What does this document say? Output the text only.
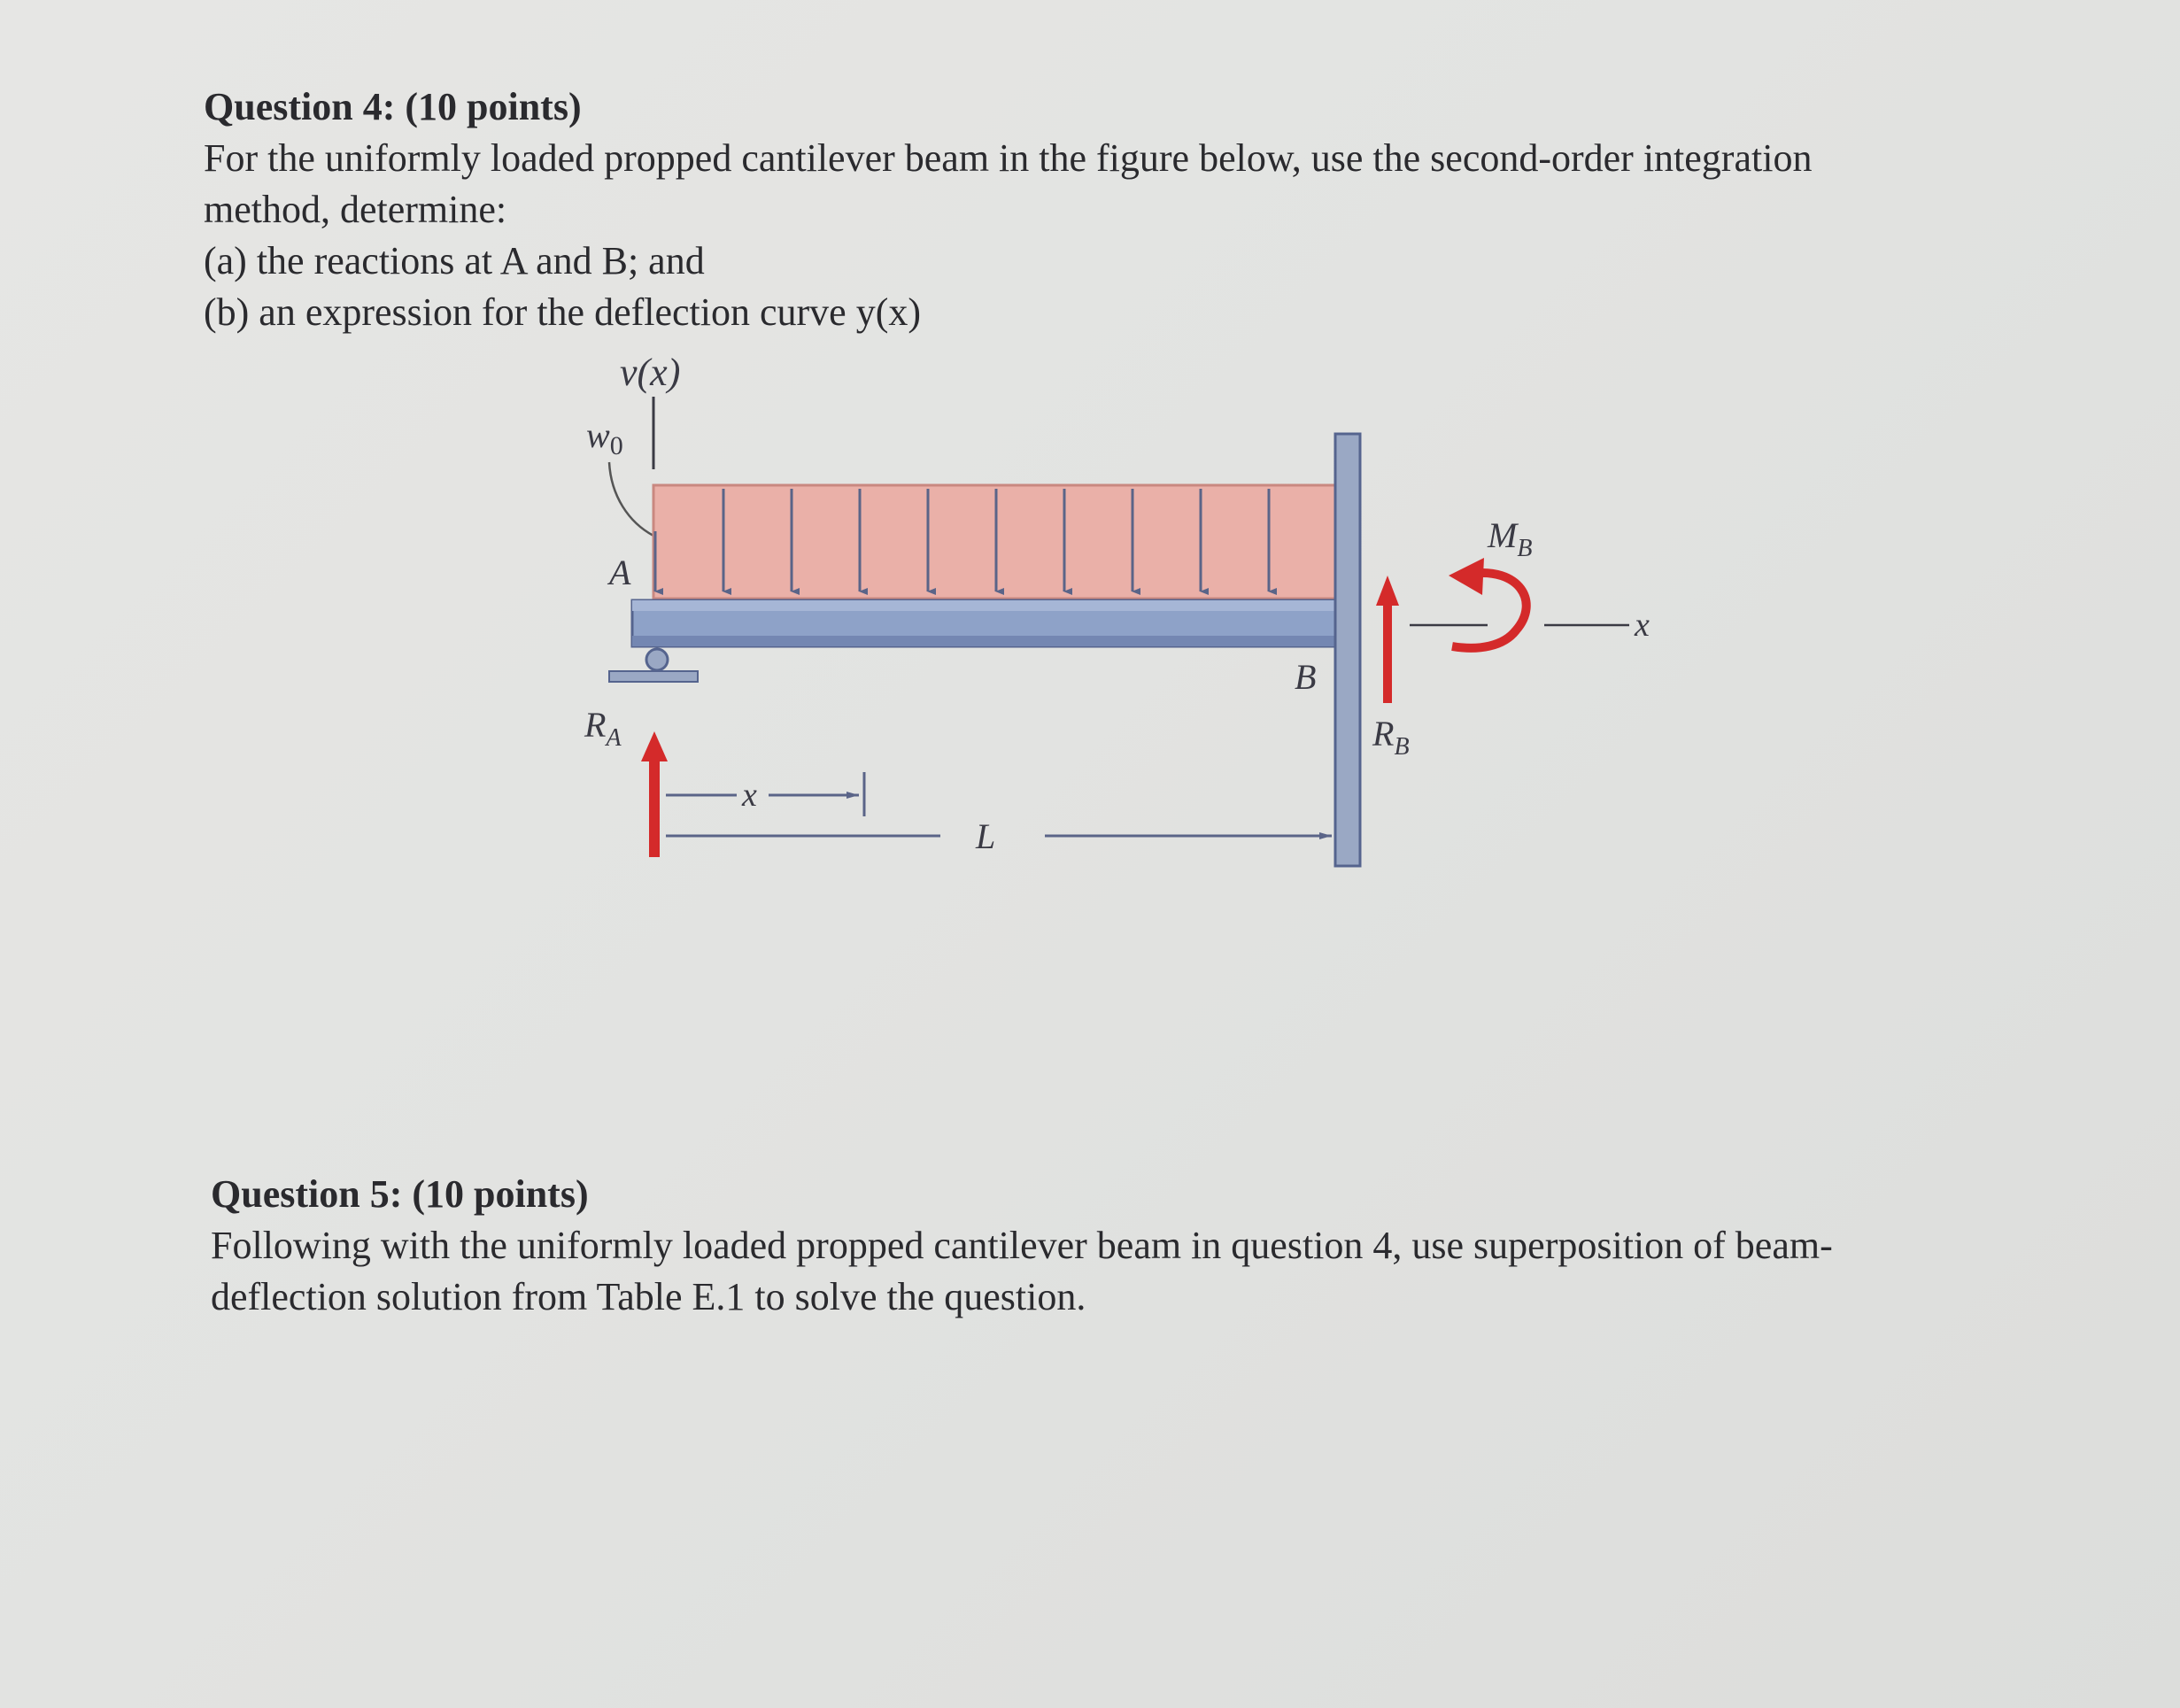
Question 4: (10 points)
For the uniformly loaded propped cantilever beam in the figure below, use the second-order integration
method, determine:
(a) the reactions at A and B; and
(b) an expression for the deflection curve y(x)
v(x)
$w_0$
A
B
$R_A$	$R_B$
$M_B$
x
x
L
Question 5: (10 points)
Following with the uniformly loaded propped cantilever beam in question 4, use superposition of beam-
deflection solution from Table E.1 to solve the question.
